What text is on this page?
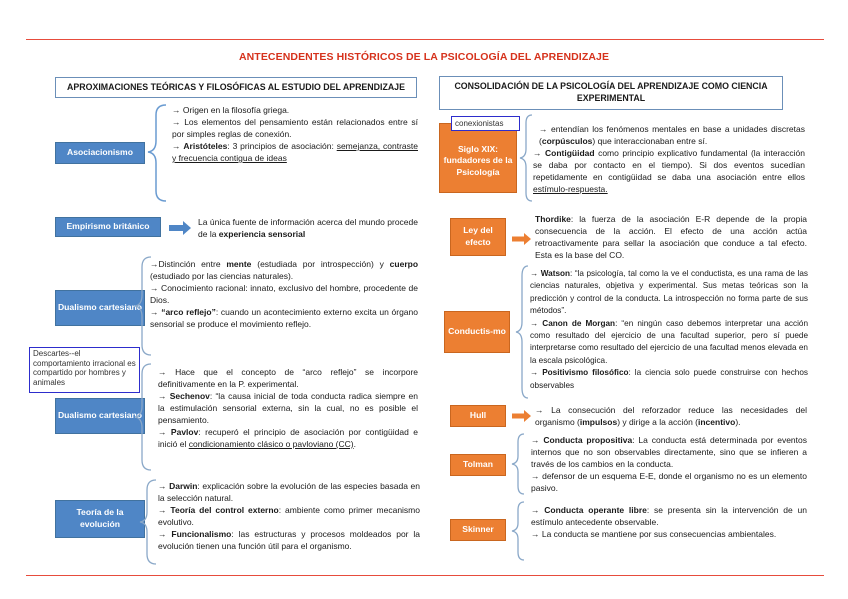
ANTECENDENTES HISTÓRICOS DE LA PSICOLOGÍA DEL APRENDIZAJE
APROXIMACIONES TEÓRICAS Y FILOSÓFICAS AL ESTUDIO DEL APRENDIZAJE	CONSOLIDACIÓN DE LA PSICOLOGÍA DEL APRENDIZAJE COMO CIENCIA EXPERIMENTAL
Asociacionismo

→ Origen en la filosofía griega.

→ Los elementos del pensamiento están relacionados entre sí por simples reglas de conexión.

→ Aristóteles: 3 principios de asociación: semejanza, contraste y frecuencia contigua de ideas

Empirismo británico	La única fuente de información acerca del mundo procede de la experiencia sensorial
Dualismo cartesiano

→Distinción entre mente (estudiada por introspección) y cuerpo (estudiado por las ciencias naturales).

→ Conocimiento racional: innato, exclusivo del hombre, procedente de Dios.

→ “arco reflejo”: cuando un acontecimiento externo excita un órgano sensorial se produce el movimiento reflejo.

Descartes--el comportamiento irracional es compartido por hombres y animales
Dualismo cartesiano

→ Hace que el concepto de “arco reflejo” se incorpore definitivamente en la P. experimental.

→ Sechenov: “la causa inicial de toda conducta radica siempre en la estimulación sensorial externa, sin la cual, no es posible el pensamiento.

→ Pavlov: recuperó el principio de asociación por contigüidad e inició el condicionamiento clásico o pavloviano (CC).

Teoría de la evolución

→ Darwin: explicación sobre la evolución de las especies basada en la selección natural.

→ Teoría del control externo: ambiente como primer mecanismo evolutivo.

→ Funcionalismo: las estructuras y procesos moldeados por la evolución tienen una función útil para el organismo.

Siglo XIX: fundadores de la Psicología
conexionistas

→ entendían los fenómenos mentales en base a unidades discretas (corpúsculos) que interaccionaban entre sí.

→ Contigüidad como principio explicativo fundamental (la interacción se daba por contacto en el tiempo). Si dos eventos sucedían repetidamente en contigüidad se daba una asociación entre ellos estímulo-respuesta.

Ley del efecto
Thordike: la fuerza de la asociación E-R depende de la propia consecuencia de la acción. El efecto de una acción actúa retroactivamente para sellar la asociación que conduce a tal efecto. Esta es la base del CO.
Conductis-mo

→ Watson: “la psicología, tal como la ve el conductista, es una rama de las ciencias naturales, objetiva y experimental. Sus metas teóricas son la predicción y control de la conducta. La introspección no forma parte de sus métodos”.

→ Canon de Morgan: “en ningún caso debemos interpretar una acción como resultado del ejercicio de una facultad superior, pero sí puede interpretarse como resultado del ejercicio de una facultad menos elevada en la escala psicológica.

→ Positivismo filosófico: la ciencia solo puede construirse con hechos observables

Hull
→ La consecución del reforzador reduce las necesidades del organismo (impulsos) y dirige a la acción (incentivo).
Tolman

→ Conducta propositiva: La conducta está determinada por eventos internos que no son observables directamente, sino que se infieren a través de los cambios en la conducta.

→ defensor de un esquema E-E, donde el organismo no es un elemento pasivo.

Skinner

→ Conducta operante libre: se presenta sin la intervención de un estímulo antecedente observable.

→ La conducta se mantiene por sus consecuencias ambientales.
